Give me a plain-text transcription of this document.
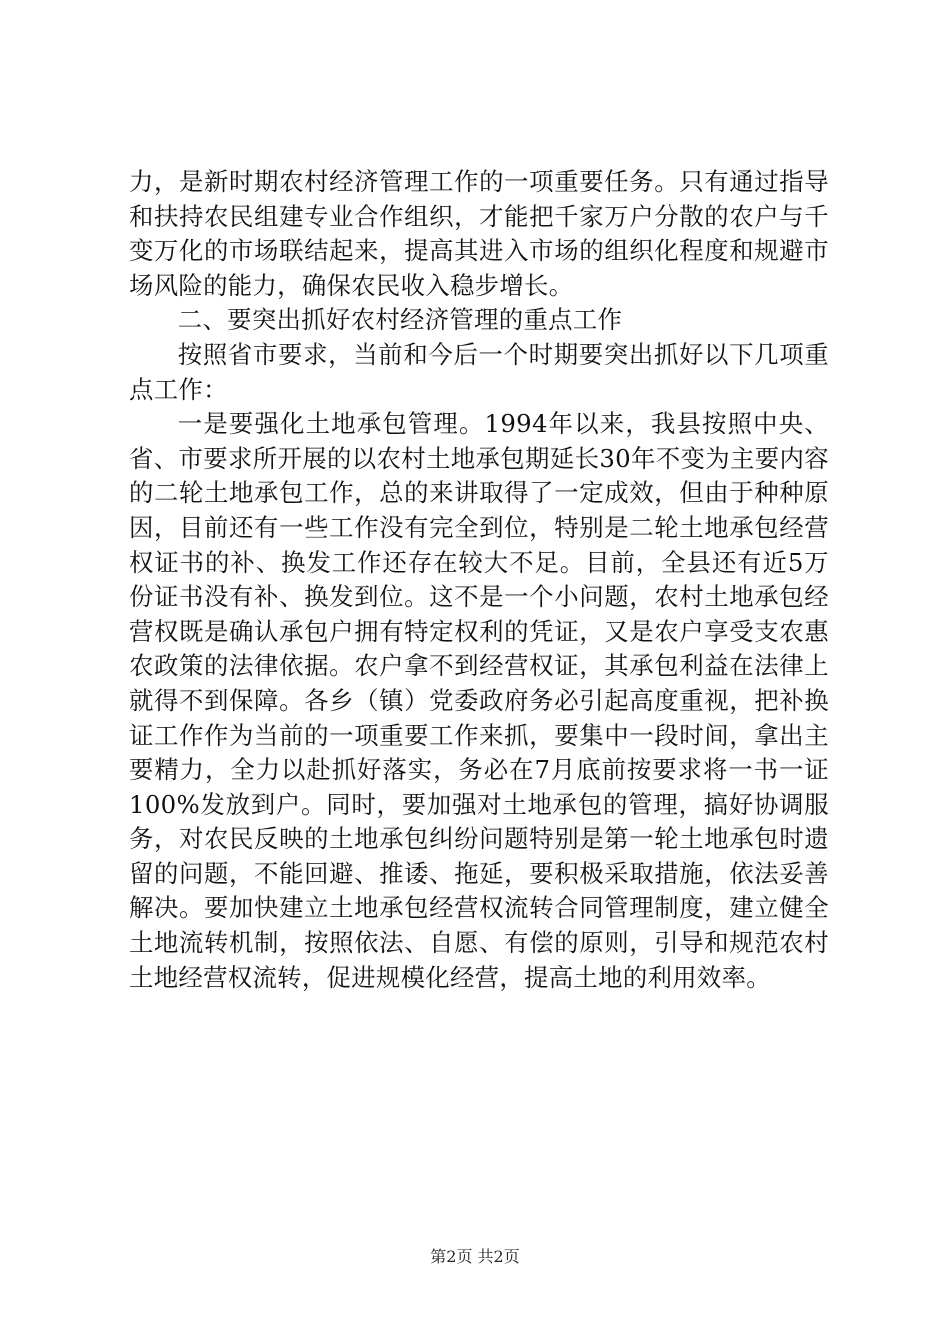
力，是新时期农村经济管理工作的一项重要任务。只有通过指导和扶持农民组建专业合作组织，才能把千家万户分散的农户与千变万化的市场联结起来，提高其进入市场的组织化程度和规避市场风险的能力，确保农民收入稳步增长。

二、要突出抓好农村经济管理的重点工作

按照省市要求，当前和今后一个时期要突出抓好以下几项重点工作：

一是要强化土地承包管理。1994年以来，我县按照中央、省、市要求所开展的以农村土地承包期延长30年不变为主要内容的二轮土地承包工作，总的来讲取得了一定成效，但由于种种原因，目前还有一些工作没有完全到位，特别是二轮土地承包经营权证书的补、换发工作还存在较大不足。目前，全县还有近5万份证书没有补、换发到位。这不是一个小问题，农村土地承包经营权既是确认承包户拥有特定权利的凭证，又是农户享受支农惠农政策的法律依据。农户拿不到经营权证，其承包利益在法律上就得不到保障。各乡（镇）党委政府务必引起高度重视，把补换证工作作为当前的一项重要工作来抓，要集中一段时间，拿出主要精力，全力以赴抓好落实，务必在7月底前按要求将一书一证100%发放到户。同时，要加强对土地承包的管理，搞好协调服务，对农民反映的土地承包纠纷问题特别是第一轮土地承包时遗留的问题，不能回避、推诿、拖延，要积极采取措施，依法妥善解决。要加快建立土地承包经营权流转合同管理制度，建立健全土地流转机制，按照依法、自愿、有偿的原则，引导和规范农村土地经营权流转，促进规模化经营，提高土地的利用效率。

第2页 共2页
